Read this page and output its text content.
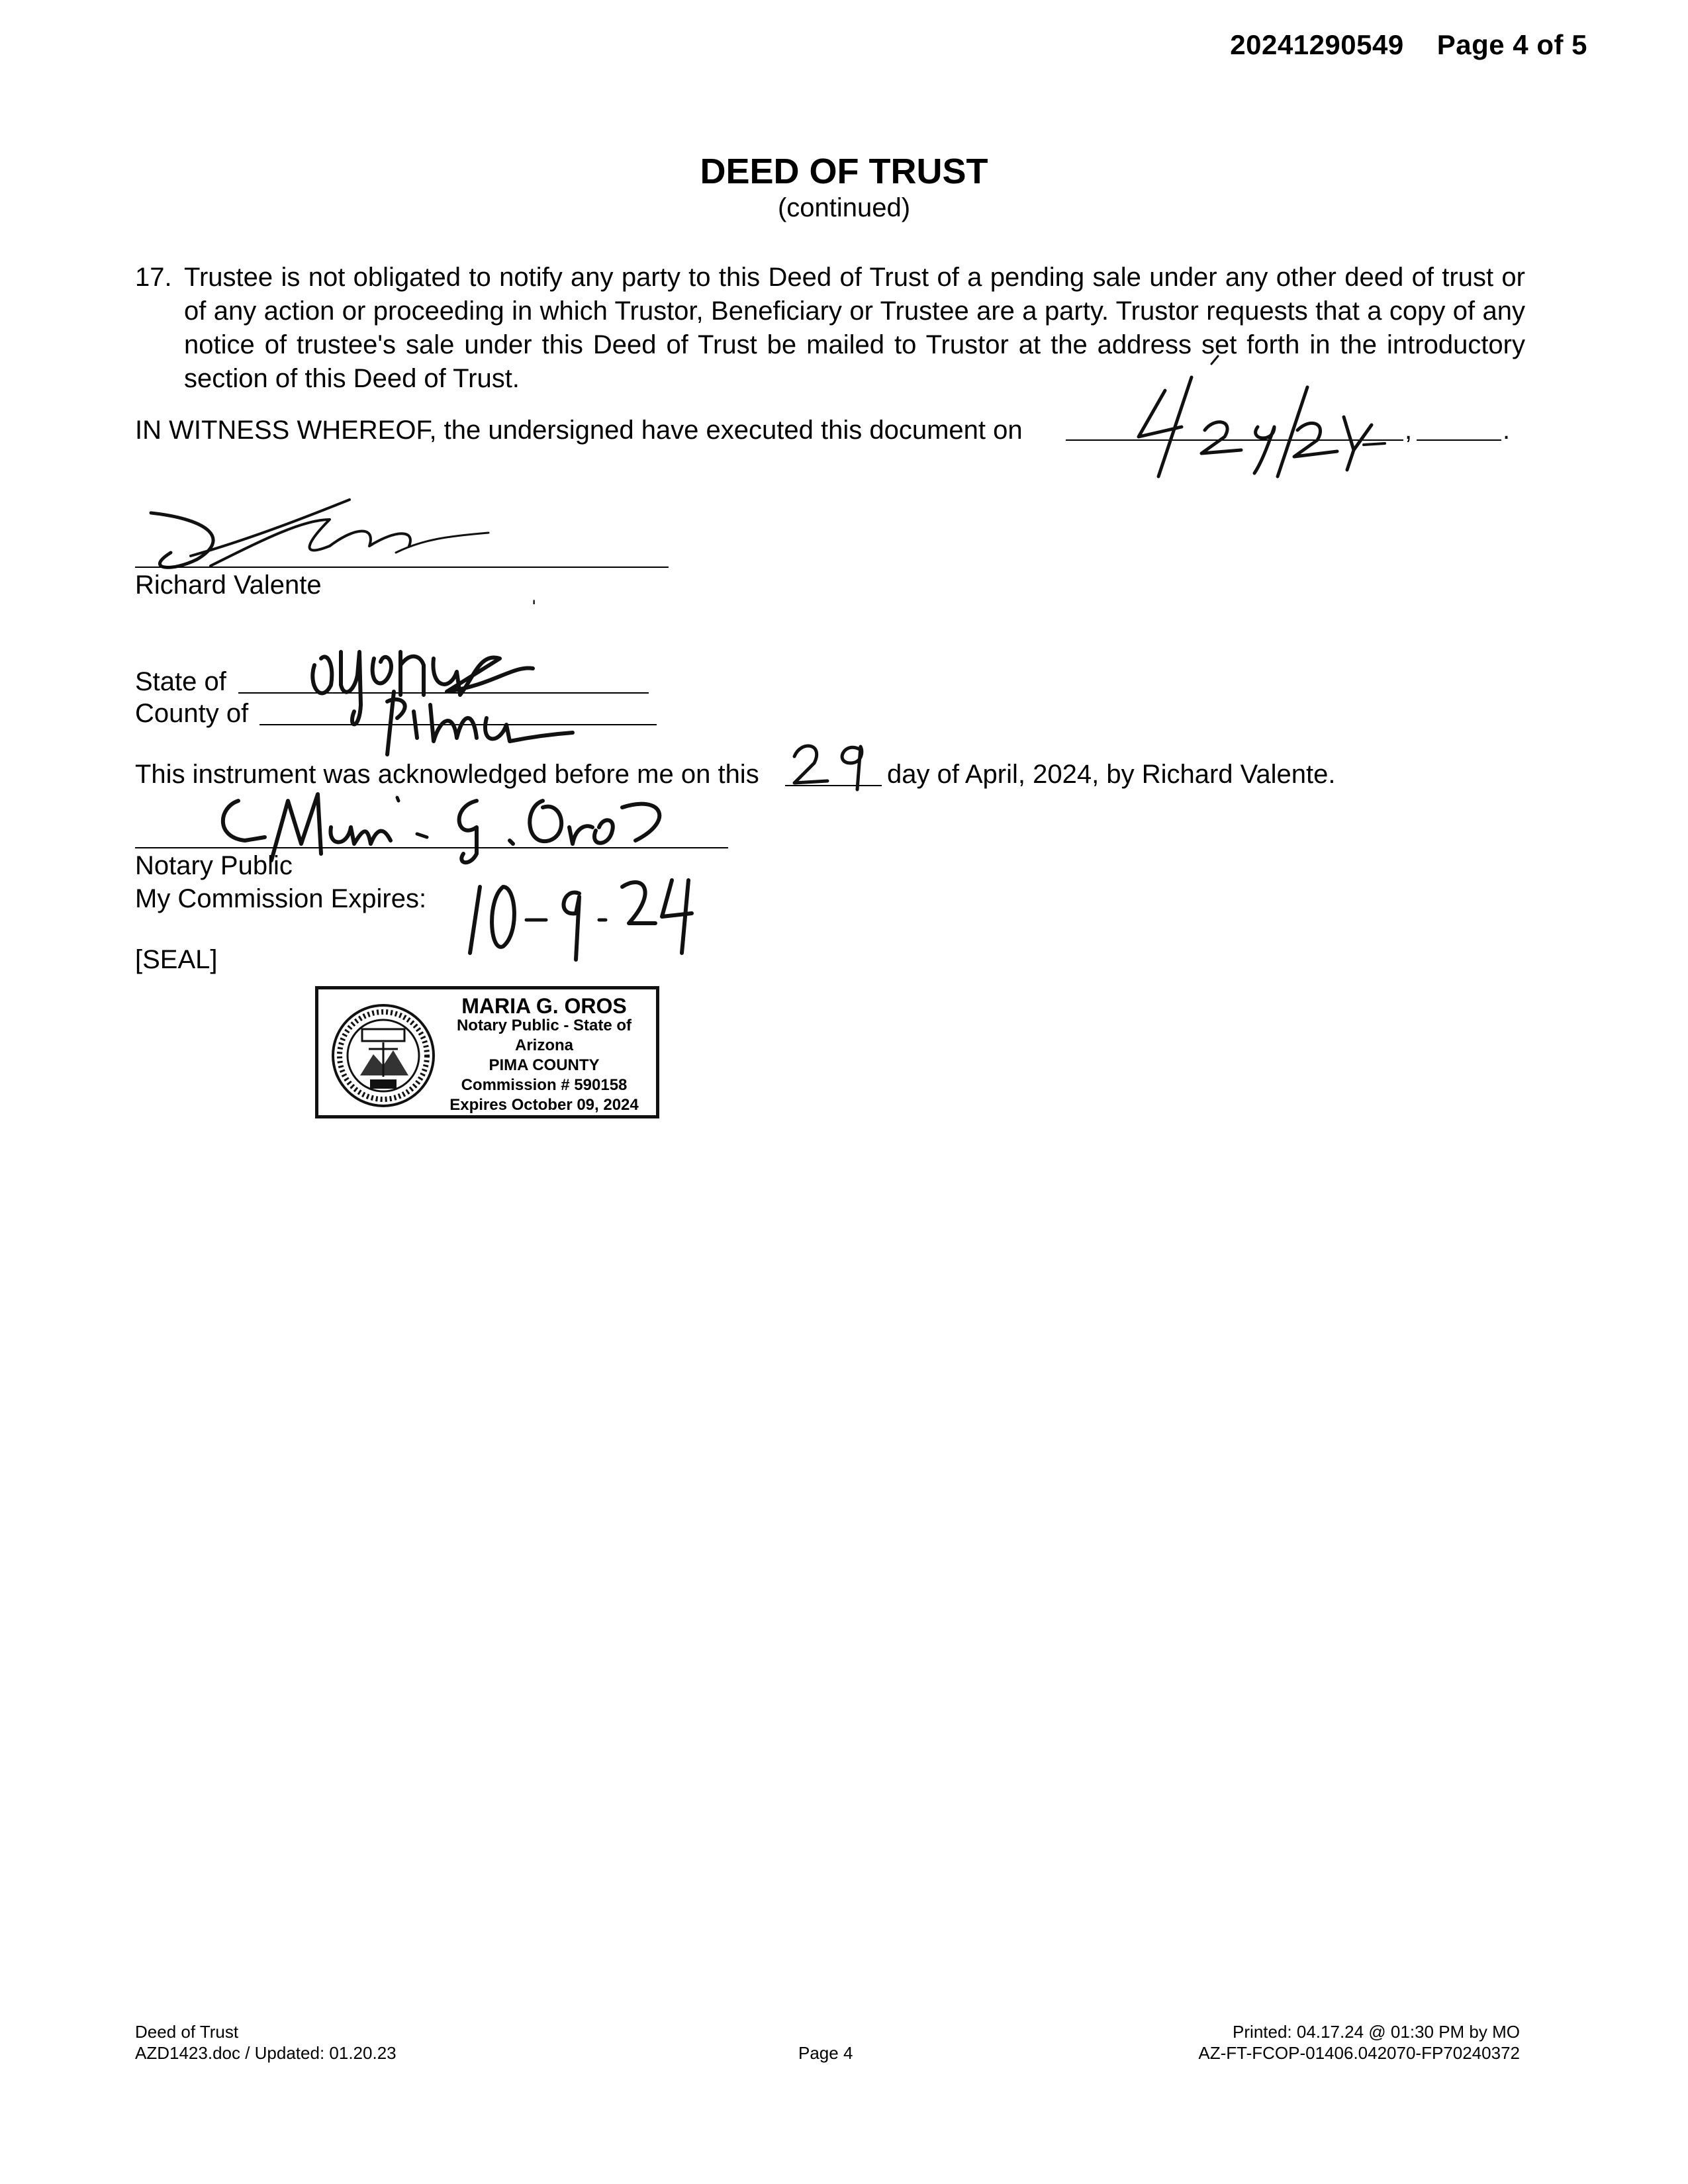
20241290549 Page 4 of 5
DEED OF TRUST
(continued)
17. Trustee is not obligated to notify any party to this Deed of Trust of a pending sale under any other deed of trust or of any action or proceeding in which Trustor, Beneficiary or Trustee are a party. Trustor requests that a copy of any notice of trustee's sale under this Deed of Trust be mailed to Trustor at the address set forth in the introductory section of this Deed of Trust.
IN WITNESS WHEREOF, the undersigned have executed this document on	,	.
Richard Valente	ˌ
State of
County of
This instrument was acknowledged before me on this	day of April, 2024, by Richard Valente.
Notary Public
My Commission Expires:
[SEAL]
MARIA G. OROS
Notary Public - State of Arizona
PIMA COUNTY
Commission # 590158
Expires October 09, 2024
Deed of Trust
AZD1423.doc / Updated: 01.20.23	Page 4
Printed: 04.17.24 @ 01:30 PM by MO
AZ-FT-FCOP-01406.042070-FP70240372
